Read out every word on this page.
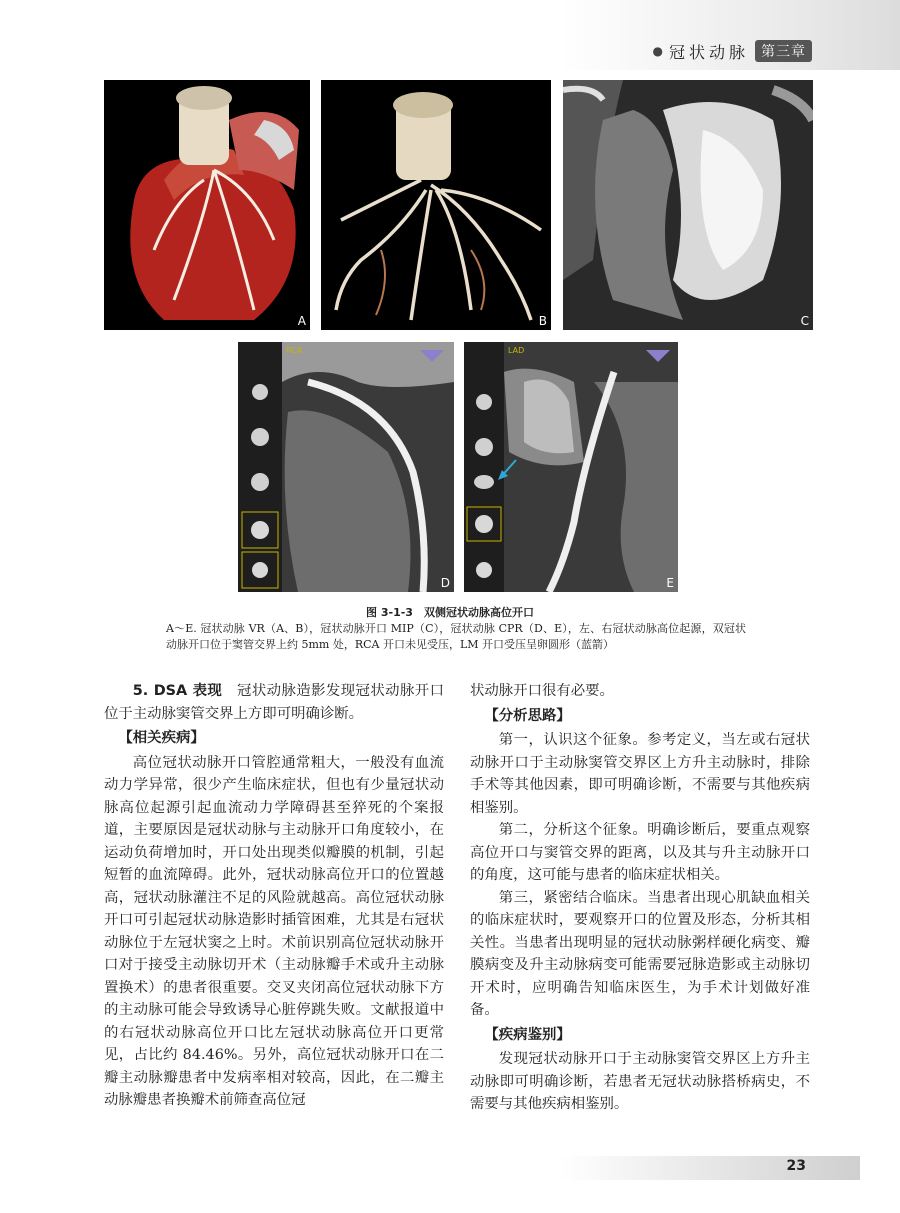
● 冠状动脉 第三章
A	B	C
RCA
D
LAD
E
图 3-1-3　双侧冠状动脉高位开口
A～E. 冠状动脉 VR（A、B），冠状动脉开口 MIP（C），冠状动脉 CPR（D、E），左、右冠状动脉高位起源，双冠状动脉开口位于窦管交界上约 5mm 处，RCA 开口未见受压，LM 开口受压呈卵圆形（蓝箭）

5. DSA 表现　 冠状动脉造影发现冠状动脉开口位于主动脉窦管交界上方即可明确诊断。

【相关疾病】

高位冠状动脉开口管腔通常粗大，一般没有血流动力学异常，很少产生临床症状，但也有少量冠状动脉高位起源引起血流动力学障碍甚至猝死的个案报道，主要原因是冠状动脉与主动脉开口角度较小，在运动负荷增加时，开口处出现类似瓣膜的机制，引起短暂的血流障碍。此外，冠状动脉高位开口的位置越高，冠状动脉灌注不足的风险就越高。高位冠状动脉开口可引起冠状动脉造影时插管困难，尤其是右冠状动脉位于左冠状窦之上时。术前识别高位冠状动脉开口对于接受主动脉切开术（主动脉瓣手术或升主动脉置换术）的患者很重要。交叉夹闭高位冠状动脉下方的主动脉可能会导致诱导心脏停跳失败。文献报道中的右冠状动脉高位开口比左冠状动脉高位开口更常见，占比约 84.46%。另外，高位冠状动脉开口在二瓣主动脉瓣患者中发病率相对较高，因此，在二瓣主动脉瓣患者换瓣术前筛查高位冠

状动脉开口很有必要。

【分析思路】

第一，认识这个征象。参考定义，当左或右冠状动脉开口于主动脉窦管交界区上方升主动脉时，排除手术等其他因素，即可明确诊断，不需要与其他疾病相鉴别。

第二，分析这个征象。明确诊断后，要重点观察高位开口与窦管交界的距离，以及其与升主动脉开口的角度，这可能与患者的临床症状相关。

第三，紧密结合临床。当患者出现心肌缺血相关的临床症状时，要观察开口的位置及形态，分析其相关性。当患者出现明显的冠状动脉粥样硬化病变、瓣膜病变及升主动脉病变可能需要冠脉造影或主动脉切开术时，应明确告知临床医生，为手术计划做好准备。

【疾病鉴别】

发现冠状动脉开口于主动脉窦管交界区上方升主动脉即可明确诊断，若患者无冠状动脉搭桥病史，不需要与其他疾病相鉴别。

23
